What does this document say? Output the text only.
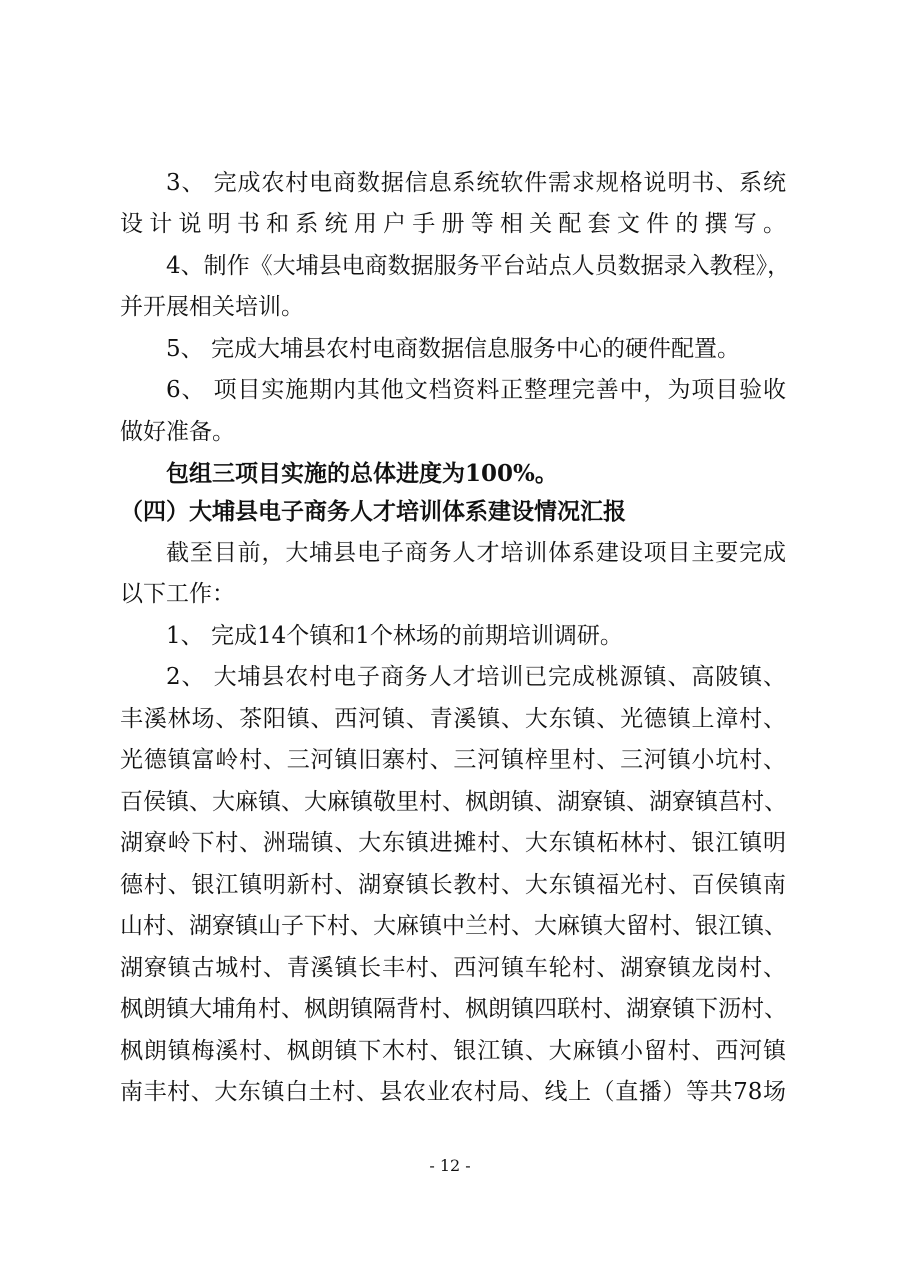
3、 完成农村电商数据信息系统软件需求规格说明书、系统
设计说明书和系统用户手册等相关配套文件的撰写。
4、制作《大埔县电商数据服务平台站点人员数据录入教程》，
并开展相关培训。
5、 完成大埔县农村电商数据信息服务中心的硬件配置。
6、 项目实施期内其他文档资料正整理完善中，为项目验收
做好准备。
包组三项目实施的总体进度为100%。
（四）大埔县电子商务人才培训体系建设情况汇报
截至目前，大埔县电子商务人才培训体系建设项目主要完成
以下工作：
1、 完成14个镇和1个林场的前期培训调研。
2、 大埔县农村电子商务人才培训已完成桃源镇、高陂镇、
丰溪林场、茶阳镇、西河镇、青溪镇、大东镇、光德镇上漳村、
光德镇富岭村、三河镇旧寨村、三河镇梓里村、三河镇小坑村、
百侯镇、大麻镇、大麻镇敬里村、枫朗镇、湖寮镇、湖寮镇莒村、
湖寮岭下村、洲瑞镇、大东镇进摊村、大东镇柘林村、银江镇明
德村、银江镇明新村、湖寮镇长教村、大东镇福光村、百侯镇南
山村、湖寮镇山子下村、大麻镇中兰村、大麻镇大留村、银江镇、
湖寮镇古城村、青溪镇长丰村、西河镇车轮村、湖寮镇龙岗村、
枫朗镇大埔角村、枫朗镇隔背村、枫朗镇四联村、湖寮镇下沥村、
枫朗镇梅溪村、枫朗镇下木村、银江镇、大麻镇小留村、西河镇
南丰村、大东镇白土村、县农业农村局、线上（直播）等共78场
- 12 -
